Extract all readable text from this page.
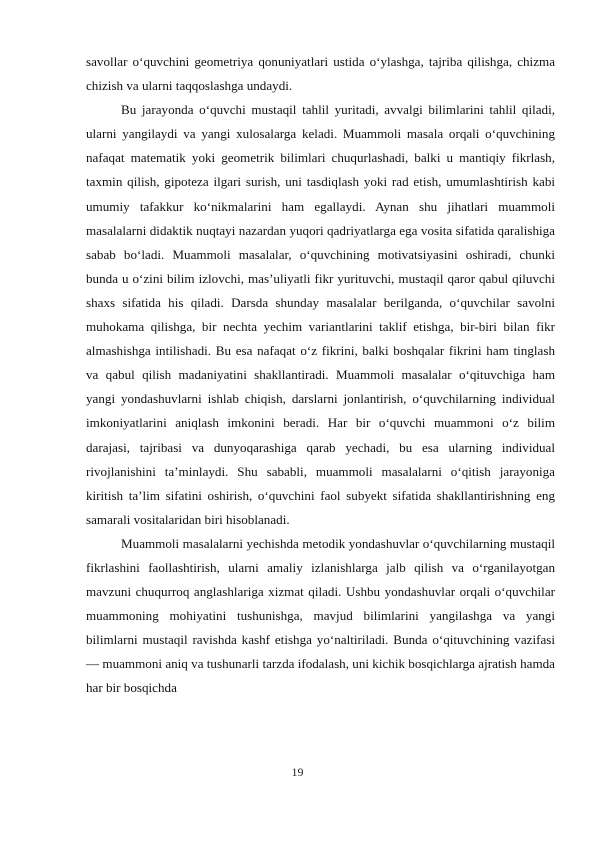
savollar o‘quvchini geometriya qonuniyatlari ustida o‘ylashga, tajriba qilishga, chizma chizish va ularni taqqoslashga undaydi.

Bu jarayonda o‘quvchi mustaqil tahlil yuritadi, avvalgi bilimlarini tahlil qiladi, ularni yangilaydi va yangi xulosalarga keladi. Muammoli masala orqali o‘quvchining nafaqat matematik yoki geometrik bilimlari chuqurlashadi, balki u mantiqiy fikrlash, taxmin qilish, gipoteza ilgari surish, uni tasdiqlash yoki rad etish, umumlashtirish kabi umumiy tafakkur ko‘nikmalarini ham egallaydi. Aynan shu jihatlari muammoli masalalarni didaktik nuqtayi nazardan yuqori qadriyatlarga ega vosita sifatida qaralishiga sabab bo‘ladi. Muammoli masalalar, o‘quvchining motivatsiyasini oshiradi, chunki bunda u o‘zini bilim izlovchi, mas’uliyatli fikr yurituvchi, mustaqil qaror qabul qiluvchi shaxs sifatida his qiladi. Darsda shunday masalalar berilganda, o‘quvchilar savolni muhokama qilishga, bir nechta yechim variantlarini taklif etishga, bir-biri bilan fikr almashishga intilishadi. Bu esa nafaqat o‘z fikrini, balki boshqalar fikrini ham tinglash va qabul qilish madaniyatini shakllantiradi. Muammoli masalalar o‘qituvchiga ham yangi yondashuvlarni ishlab chiqish, darslarni jonlantirish, o‘quvchilarning individual imkoniyatlarini aniqlash imkonini beradi. Har bir o‘quvchi muammoni o‘z bilim darajasi, tajribasi va dunyoqarashiga qarab yechadi, bu esa ularning individual rivojlanishini ta’minlaydi. Shu sababli, muammoli masalalarni o‘qitish jarayoniga kiritish ta’lim sifatini oshirish, o‘quvchini faol subyekt sifatida shakllantirishning eng samarali vositalaridan biri hisoblanadi.

Muammoli masalalarni yechishda metodik yondashuvlar o‘quvchilarning mustaqil fikrlashini faollashtirish, ularni amaliy izlanishlarga jalb qilish va o‘rganilayotgan mavzuni chuqurroq anglashlariga xizmat qiladi. Ushbu yondashuvlar orqali o‘quvchilar muammoning mohiyatini tushunishga, mavjud bilimlarini yangilashga va yangi bilimlarni mustaqil ravishda kashf etishga yo‘naltiriladi. Bunda o‘qituvchining vazifasi — muammoni aniq va tushunarli tarzda ifodalash, uni kichik bosqichlarga ajratish hamda har bir bosqichda

19
